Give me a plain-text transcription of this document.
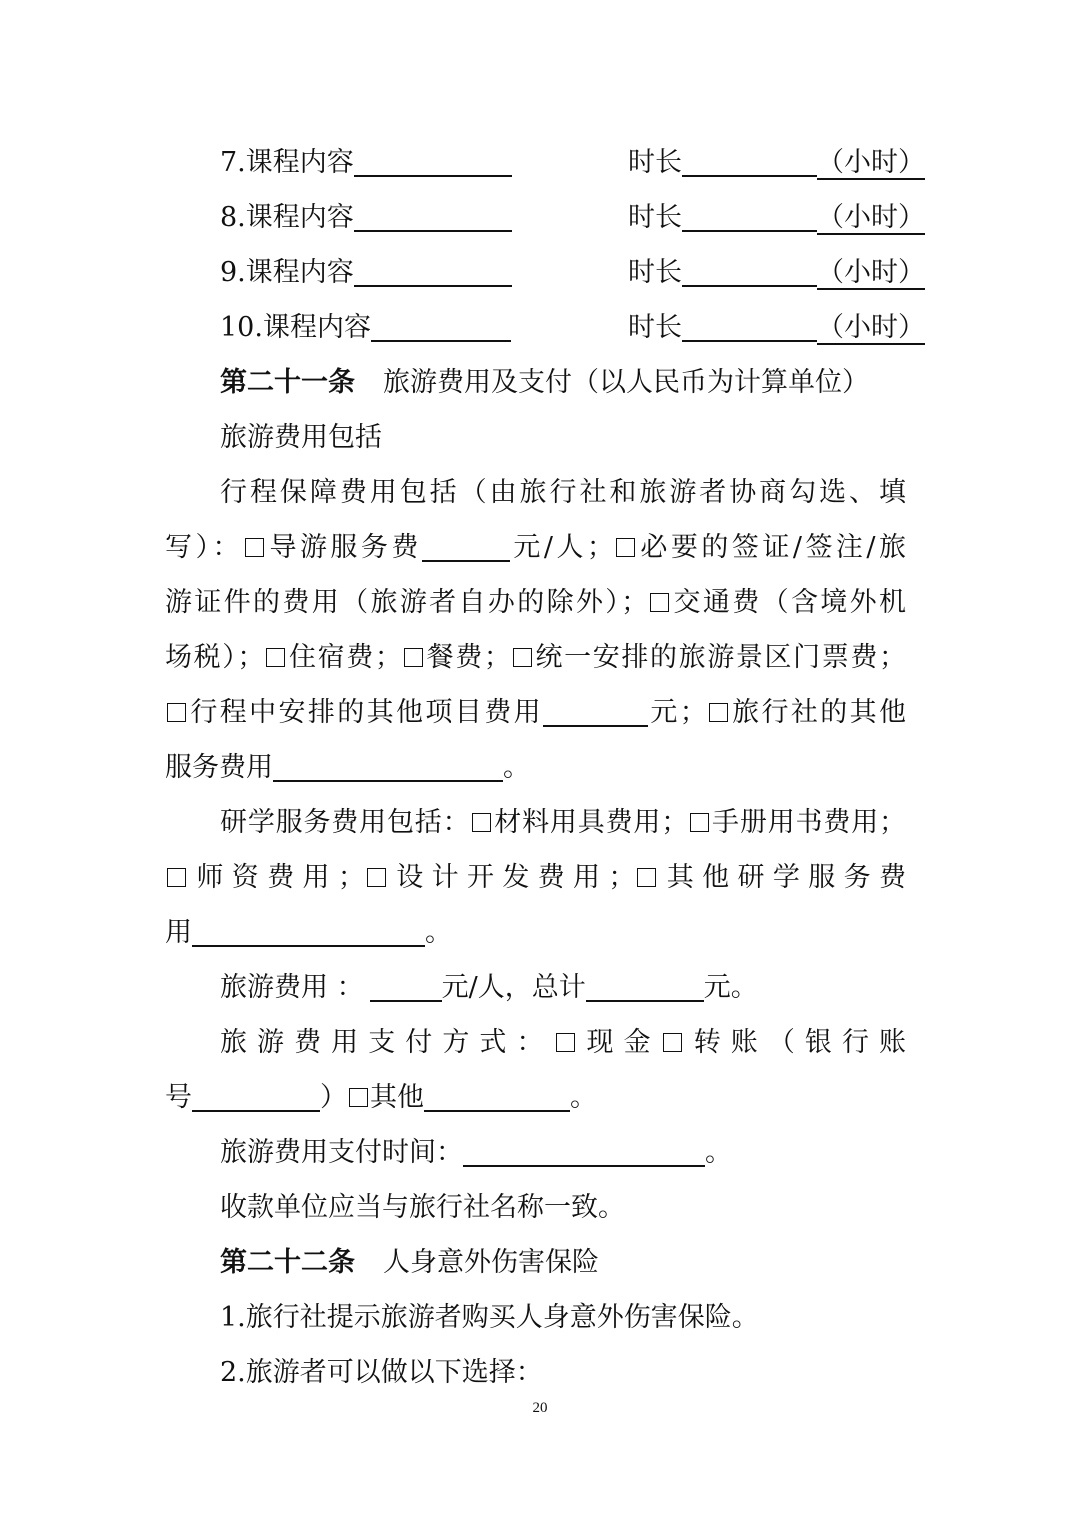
7.课程内容	时长	（小时）
8.课程内容	时长	（小时）
9.课程内容	时长	（小时）
10.课程内容	时长	（小时）
第二十一条 旅游费用及支付（以人民币为计算单位）
旅游费用包括
行程保障费用包括（由旅行社和旅游者协商勾选、填
写）： 导游服务费	元/人； 必要的签证/签注/旅
游证件的费用（旅游者自办的除外）； 交通费（含境外机
场税）； 住宿费； 餐费； 统一安排的旅游景区门票费；
行程中安排的其他项目费用	元； 旅行社的其他
服务费用	。
研学服务费用包括： 材料用具费用； 手册用书费用；
师资费用； 设计开发费用； 其他研学服务费
用	。
旅游费用 ：	元/人，总计	元。
旅游费用支付方式： 现金 转账（银行账
号	） 其他	。
旅游费用支付时间：	。
收款单位应当与旅行社名称一致。
第二十二条 人身意外伤害保险
1.旅行社提示旅游者购买人身意外伤害保险。
2.旅游者可以做以下选择：
20
